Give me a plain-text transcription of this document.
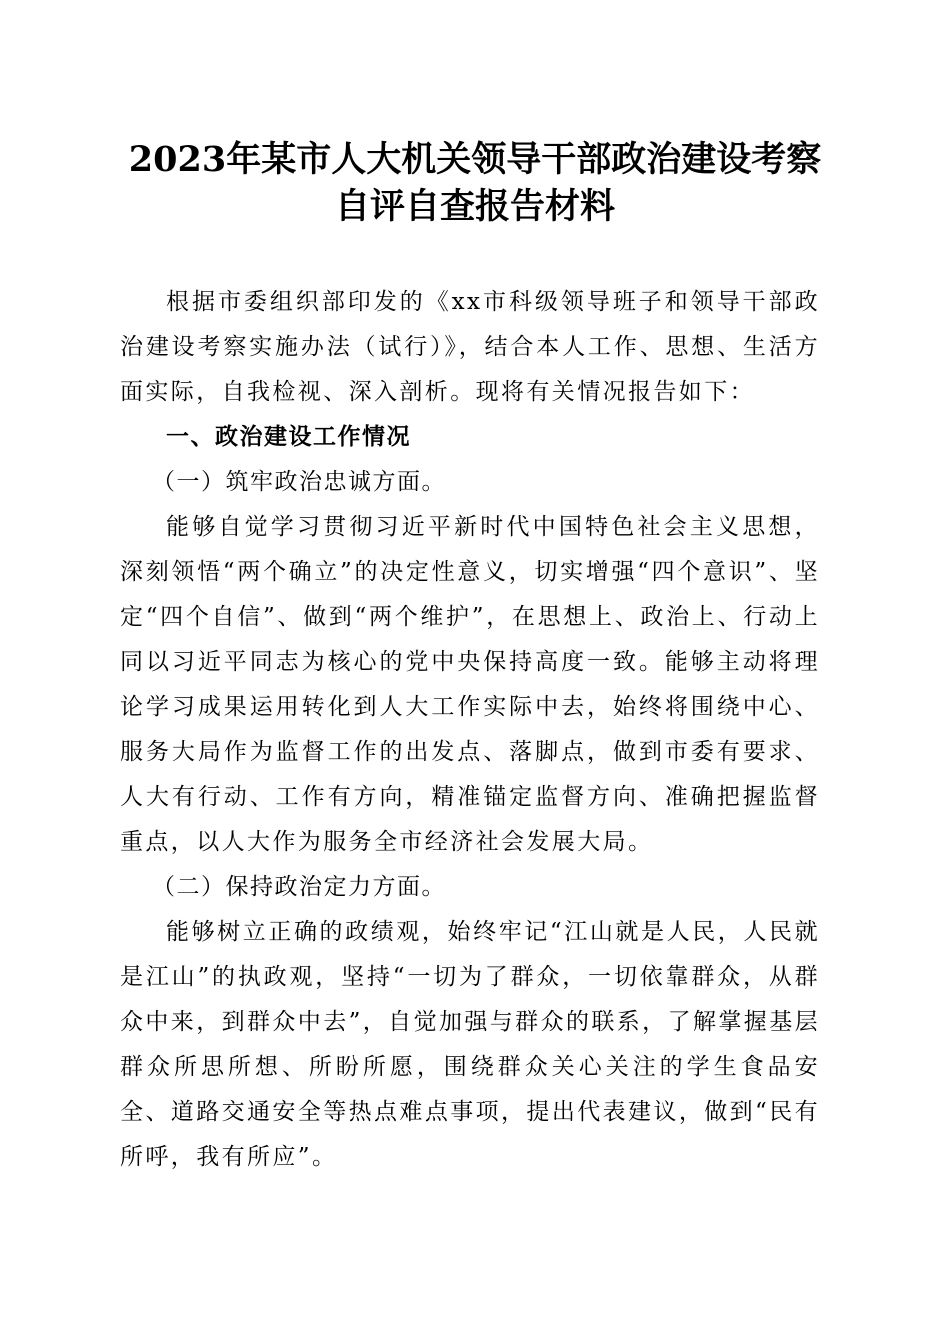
2023年某市人大机关领导干部政治建设考察
自评自查报告材料

根据市委组织部印发的《xx市科级领导班子和领导干部政治建设考察实施办法（试行）》，结合本人工作、思想、生活方面实际，自我检视、深入剖析。现将有关情况报告如下：

一、政治建设工作情况

（一）筑牢政治忠诚方面。

能够自觉学习贯彻习近平新时代中国特色社会主义思想，深刻领悟“两个确立”的决定性意义，切实增强“四个意识”、坚定“四个自信”、做到“两个维护”，在思想上、政治上、行动上同以习近平同志为核心的党中央保持高度一致。能够主动将理论学习成果运用转化到人大工作实际中去，始终将围绕中心、服务大局作为监督工作的出发点、落脚点，做到市委有要求、人大有行动、工作有方向，精准锚定监督方向、准确把握监督重点，以人大作为服务全市经济社会发展大局。

（二）保持政治定力方面。

能够树立正确的政绩观，始终牢记“江山就是人民，人民就是江山”的执政观，坚持“一切为了群众，一切依靠群众，从群众中来，到群众中去”，自觉加强与群众的联系，了解掌握基层群众所思所想、所盼所愿，围绕群众关心关注的学生食品安全、道路交通安全等热点难点事项，提出代表建议，做到“民有所呼，我有所应”。
